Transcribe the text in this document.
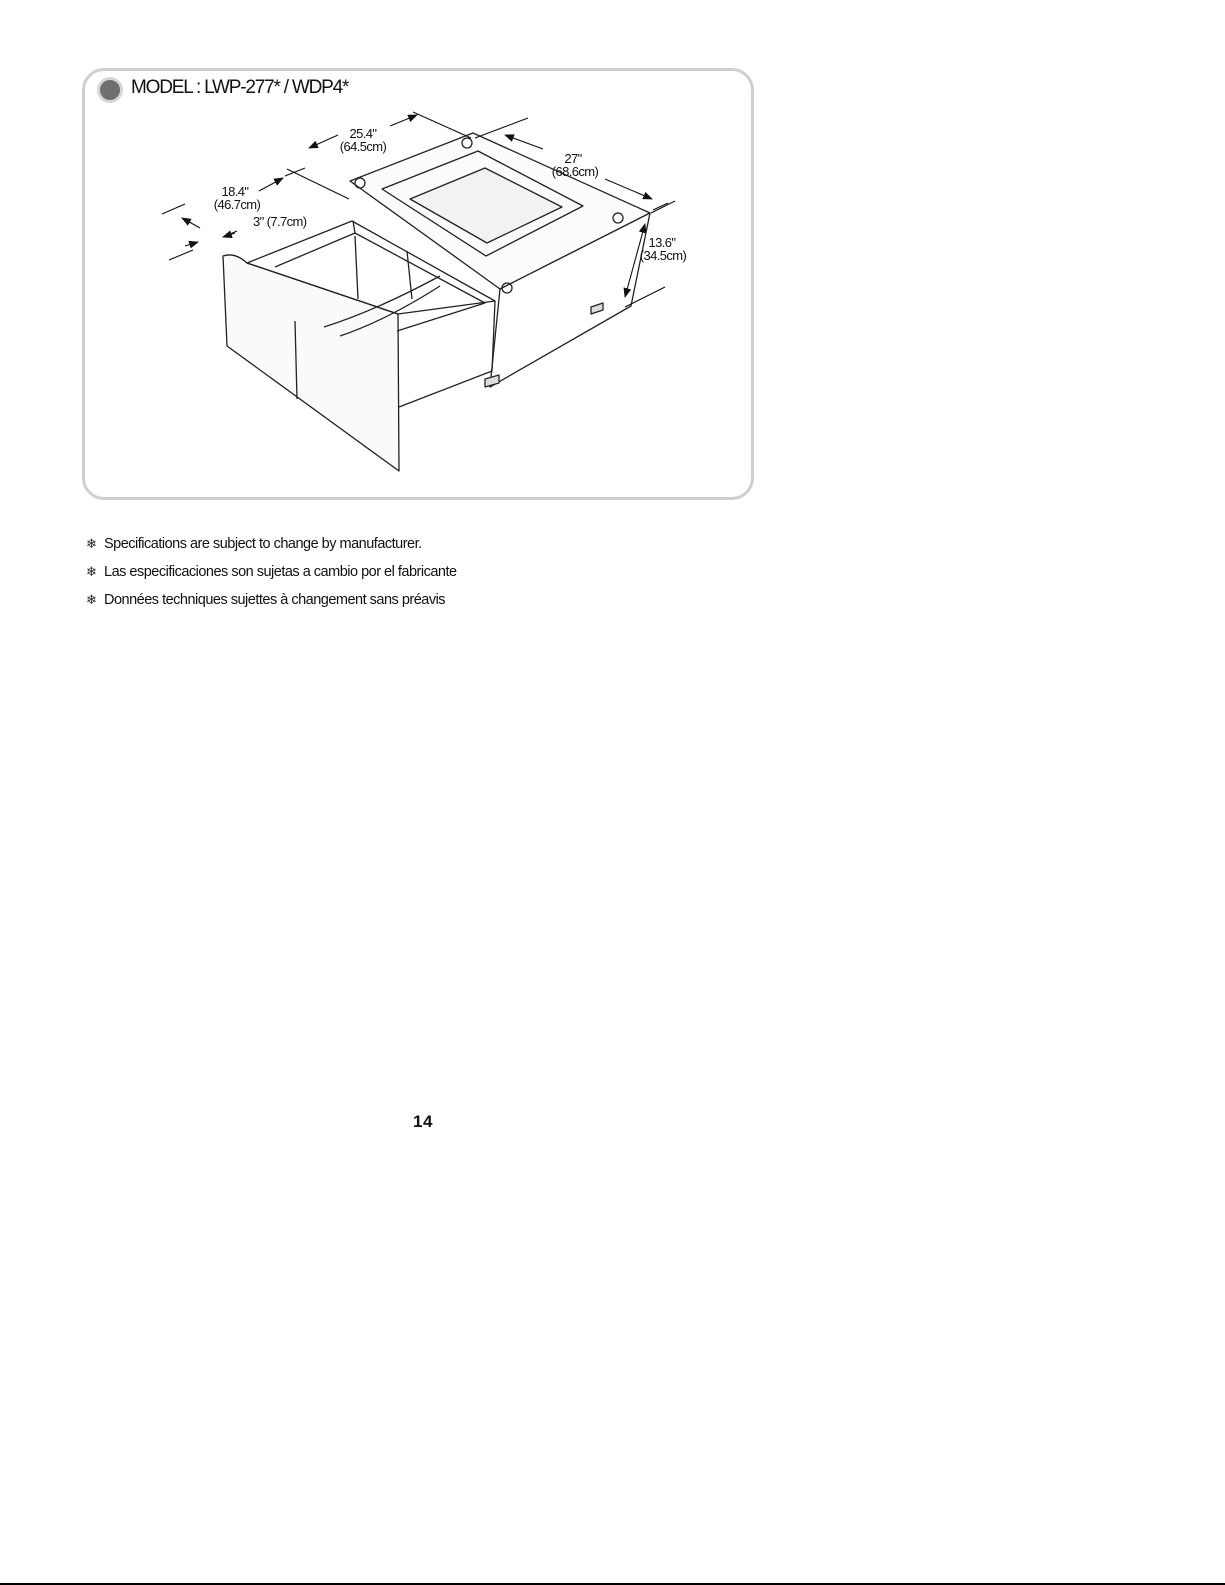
MODEL : LWP-277* / WDP4*
25.4"
(64.5cm)
27"
(68.6cm)
18.4"
(46.7cm)
3" (7.7cm)
13.6"
(34.5cm)
❄ Specifications are subject to change by manufacturer.
❄ Las especificaciones son sujetas a cambio por el fabricante
❄ Données techniques sujettes à changement sans préavis
14
